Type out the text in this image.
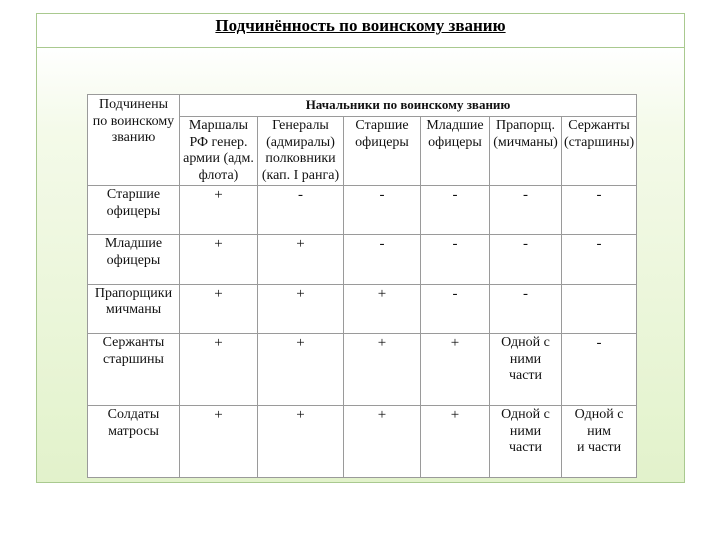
Подчинённость по воинскому званию
Подчинены
по воинскому
званию	Начальники по воинскому званию					

	Маршалы
РФ генер.
армии (адм.
флота)	Генералы
(адмиралы)
полковники
(кап. I ранга)	Старшие
офицеры	Младшие
офицеры	Прапорщ.
(мичманы)	Сержанты
(старшины)

Старшие
офицеры	+	-	-	-	-	-

Младшие
офицеры	+	+	-	-	-	-

Прапорщики
мичманы	+	+	+	-	-	

Сержанты
старшины	+	+	+	+	Одной с
ними
части	-

Солдаты
матросы	+	+	+	+	Одной с
ними
части	Одной с
ним
и части
